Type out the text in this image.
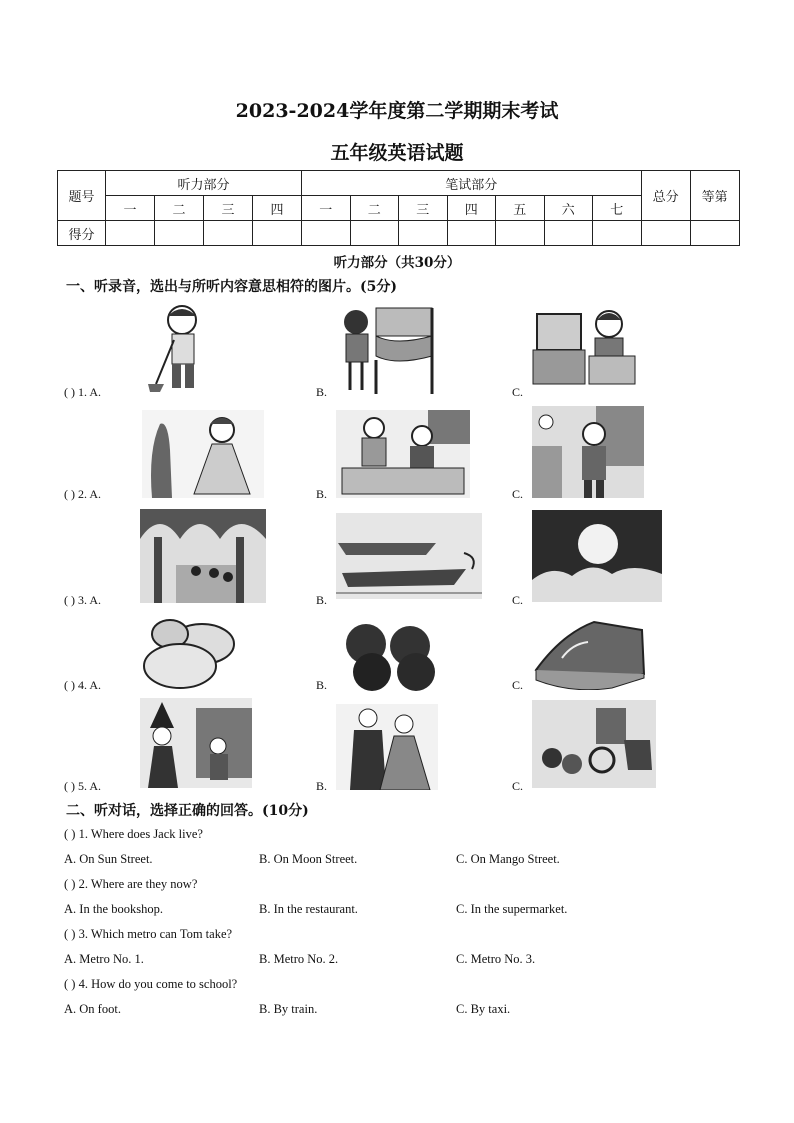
2023-2024学年度第二学期期末考试
五年级英语试题
题号	听力部分				笔试部分							总分	等第
	一	二	三	四	一	二	三	四	五	六	七		
得分													
听力部分（共30分）
一、听录音，选出与所听内容意思相符的图片。(5分)
( ) 1. A.	B.	C.
( ) 2. A.	B.	C.
( ) 3. A.	B.	C.
( ) 4. A.	B.	C.
( ) 5. A.	B.	C.
二、听对话，选择正确的回答。(10分)
( ) 1. Where does Jack live?
A. On Sun Street.	B. On Moon Street.	C. On Mango Street.
( ) 2. Where are they now?
A. In the bookshop.	B. In the restaurant.	C. In the supermarket.
( ) 3. Which metro can Tom take?
A. Metro No. 1.	B. Metro No. 2.	C. Metro No. 3.
( ) 4. How do you come to school?
A. On foot.	B. By train.	C. By taxi.
